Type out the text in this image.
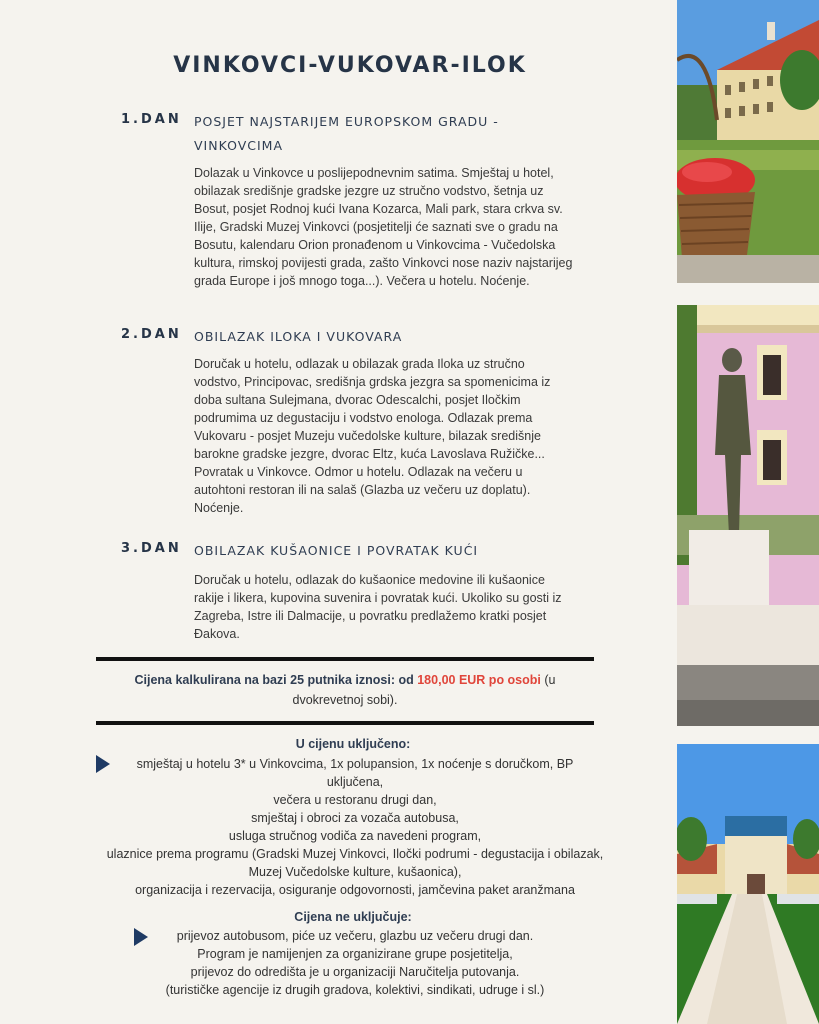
VINKOVCI-VUKOVAR-ILOK
1.DAN POSJET NAJSTARIJEM EUROPSKOM GRADU - VINKOVCIMA
Dolazak u Vinkovce u poslijepodnevnim satima. Smještaj u hotel, obilazak središnje gradske jezgre uz stručno vodstvo, šetnja uz Bosut, posjet Rodnoj kući Ivana Kozarca, Mali park, stara crkva sv. Ilije, Gradski Muzej Vinkovci (posjetitelji će saznati sve o gradu na Bosutu, kalendaru Orion pronađenom u Vinkovcima - Vučedolska kultura, rimskoj povijesti grada, zašto Vinkovci nose naziv najstarijeg grada Europe i još mnogo toga...). Večera u hotelu. Noćenje.
2.DAN OBILAZAK ILOKA I VUKOVARA
Doručak u hotelu, odlazak u obilazak grada Iloka uz stručno vodstvo, Principovac, središnja grdska jezgra sa spomenicima iz doba sultana Sulejmana, dvorac Odescalchi, posjet Iločkim podrumima uz degustaciju i vodstvo enologa. Odlazak prema Vukovaru - posjet Muzeju vučedolske kulture, bilazak središnje barokne gradske jezgre, dvorac Eltz, kuća Lavoslava Ružičke... Povratak u Vinkovce. Odmor u hotelu. Odlazak na večeru u autohtoni restoran ili na salaš (Glazba uz večeru uz doplatu). Noćenje.
3.DAN OBILAZAK KUŠAONICE I POVRATAK KUĆI
Doručak u hotelu, odlazak do kušaonice medovine ili kušaonice rakije i likera, kupovina suvenira i povratak kući. Ukoliko su gosti iz Zagreba, Istre ili Dalmacije, u povratku predlažemo kratki posjet Đakova.
Cijena kalkulirana na bazi 25 putnika iznosi: od 180,00 EUR po osobi (u dvokrevetnoj sobi).
U cijenu uključeno:
smještaj u hotelu 3* u Vinkovcima, 1x polupansion, 1x noćenje s doručkom, BP uključena,
večera u restoranu drugi dan,
smještaj i obroci za vozača autobusa,
usluga stručnog vodiča za navedeni program,
ulaznice prema programu (Gradski Muzej Vinkovci, Iločki podrumi - degustacija i obilazak, Muzej Vučedolske kulture, kušaonica),
organizacija i rezervacija, osiguranje odgovornosti, jamčevina paket aranžmana
Cijena ne uključuje:
prijevoz autobusom, piće uz večeru, glazbu uz večeru drugi dan.
Program je namijenjen za organizirane grupe posjetitelja,
prijevoz do odredišta je u organizaciji Naručitelja putovanja.
(turističke agencije iz drugih gradova, kolektivi, sindikati, udruge i sl.)
